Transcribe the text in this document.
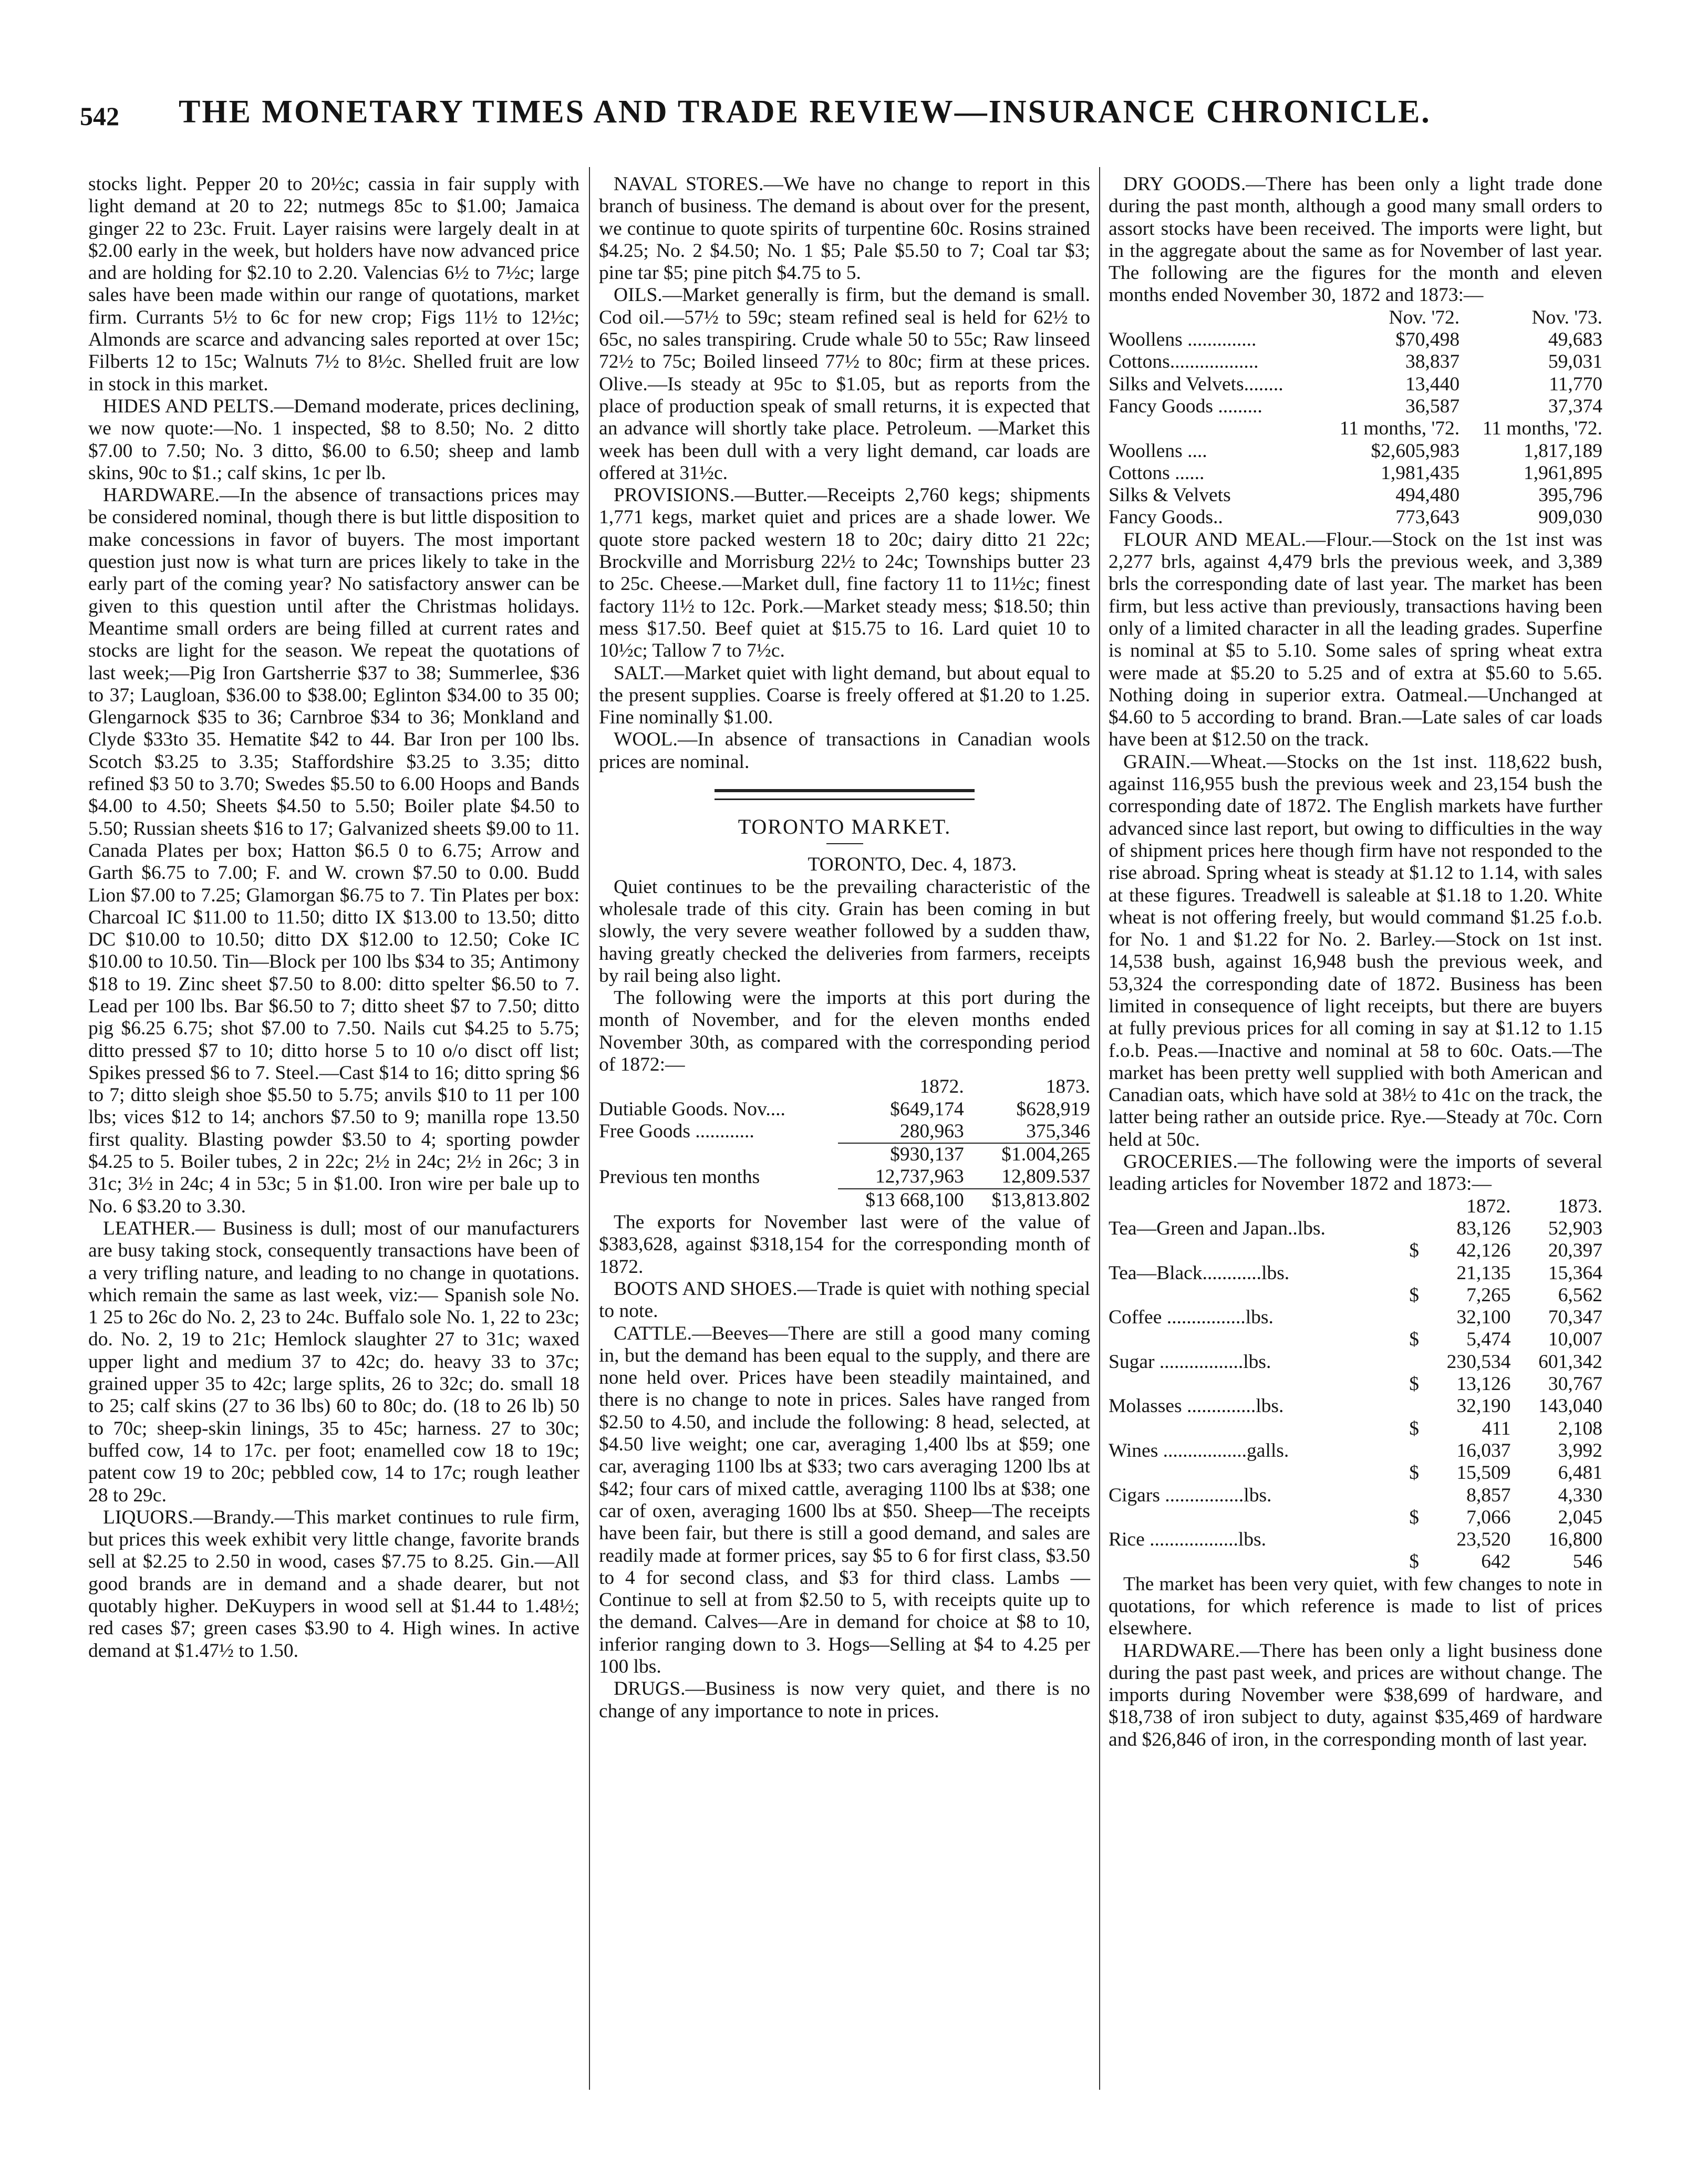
542 THE MONETARY TIMES AND TRADE REVIEW—INSURANCE CHRONICLE.

stocks light. Pepper 20 to 20½c; cassia in fair supply with light demand at 20 to 22; nutmegs 85c to $1.00; Jamaica ginger 22 to 23c. Fruit. Layer raisins were largely dealt in at $2.00 early in the week, but holders have now advanced price and are holding for $2.10 to 2.20. Valencias 6½ to 7½c; large sales have been made within our range of quotations, market firm. Currants 5½ to 6c for new crop; Figs 11½ to 12½c; Almonds are scarce and advancing sales reported at over 15c; Filberts 12 to 15c; Walnuts 7½ to 8½c. Shelled fruit are low in stock in this market.

HIDES AND PELTS.—Demand moderate, prices declining, we now quote:—No. 1 inspected, $8 to 8.50; No. 2 ditto $7.00 to 7.50; No. 3 ditto, $6.00 to 6.50; sheep and lamb skins, 90c to $1.; calf skins, 1c per lb.

HARDWARE.—In the absence of transactions prices may be considered nominal, though there is but little disposition to make concessions in favor of buyers. The most important question just now is what turn are prices likely to take in the early part of the coming year? No satisfactory answer can be given to this question until after the Christmas holidays. Meantime small orders are being filled at current rates and stocks are light for the season. We repeat the quotations of last week;—Pig Iron Gartsherrie $37 to 38; Summerlee, $36 to 37; Laugloan, $36.00 to $38.00; Eglinton $34.00 to 35 00; Glengarnock $35 to 36; Carnbroe $34 to 36; Monkland and Clyde $33to 35. Hematite $42 to 44. Bar Iron per 100 lbs. Scotch $3.25 to 3.35; Staffordshire $3.25 to 3.35; ditto refined $3 50 to 3.70; Swedes $5.50 to 6.00 Hoops and Bands $4.00 to 4.50; Sheets $4.50 to 5.50; Boiler plate $4.50 to 5.50; Russian sheets $16 to 17; Galvanized sheets $9.00 to 11. Canada Plates per box; Hatton $6.5 0 to 6.75; Arrow and Garth $6.75 to 7.00; F. and W. crown $7.50 to 0.00. Budd Lion $7.00 to 7.25; Glamorgan $6.75 to 7. Tin Plates per box: Charcoal IC $11.00 to 11.50; ditto IX $13.00 to 13.50; ditto DC $10.00 to 10.50; ditto DX $12.00 to 12.50; Coke IC $10.00 to 10.50. Tin—Block per 100 lbs $34 to 35; Antimony $18 to 19. Zinc sheet $7.50 to 8.00: ditto spelter $6.50 to 7. Lead per 100 lbs. Bar $6.50 to 7; ditto sheet $7 to 7.50; ditto pig $6.25 6.75; shot $7.00 to 7.50. Nails cut $4.25 to 5.75; ditto pressed $7 to 10; ditto horse 5 to 10 o/o disct off list; Spikes pressed $6 to 7. Steel.—Cast $14 to 16; ditto spring $6 to 7; ditto sleigh shoe $5.50 to 5.75; anvils $10 to 11 per 100 lbs; vices $12 to 14; anchors $7.50 to 9; manilla rope 13.50 first quality. Blasting powder $3.50 to 4; sporting powder $4.25 to 5. Boiler tubes, 2 in 22c; 2½ in 24c; 2½ in 26c; 3 in 31c; 3½ in 24c; 4 in 53c; 5 in $1.00. Iron wire per bale up to No. 6 $3.20 to 3.30.

LEATHER.— Business is dull; most of our manufacturers are busy taking stock, consequently transactions have been of a very trifling nature, and leading to no change in quotations. which remain the same as last week, viz:— Spanish sole No. 1 25 to 26c do No. 2, 23 to 24c. Buffalo sole No. 1, 22 to 23c; do. No. 2, 19 to 21c; Hemlock slaughter 27 to 31c; waxed upper light and medium 37 to 42c; do. heavy 33 to 37c; grained upper 35 to 42c; large splits, 26 to 32c; do. small 18 to 25; calf skins (27 to 36 lbs) 60 to 80c; do. (18 to 26 lb) 50 to 70c; sheep-skin linings, 35 to 45c; harness. 27 to 30c; buffed cow, 14 to 17c. per foot; enamelled cow 18 to 19c; patent cow 19 to 20c; pebbled cow, 14 to 17c; rough leather 28 to 29c.

LIQUORS.—Brandy.—This market continues to rule firm, but prices this week exhibit very little change, favorite brands sell at $2.25 to 2.50 in wood, cases $7.75 to 8.25. Gin.—All good brands are in demand and a shade dearer, but not quotably higher. DeKuypers in wood sell at $1.44 to 1.48½; red cases $7; green cases $3.90 to 4. High wines. In active demand at $1.47½ to 1.50.

NAVAL STORES.—We have no change to report in this branch of business. The demand is about over for the present, we continue to quote spirits of turpentine 60c. Rosins strained $4.25; No. 2 $4.50; No. 1 $5; Pale $5.50 to 7; Coal tar $3; pine tar $5; pine pitch $4.75 to 5.

OILS.—Market generally is firm, but the demand is small. Cod oil.—57½ to 59c; steam refined seal is held for 62½ to 65c, no sales transpiring. Crude whale 50 to 55c; Raw linseed 72½ to 75c; Boiled linseed 77½ to 80c; firm at these prices. Olive.—Is steady at 95c to $1.05, but as reports from the place of production speak of small returns, it is expected that an advance will shortly take place. Petroleum. —Market this week has been dull with a very light demand, car loads are offered at 31½c.

PROVISIONS.—Butter.—Receipts 2,760 kegs; shipments 1,771 kegs, market quiet and prices are a shade lower. We quote store packed western 18 to 20c; dairy ditto 21 22c; Brockville and Morrisburg 22½ to 24c; Townships butter 23 to 25c. Cheese.—Market dull, fine factory 11 to 11½c; finest factory 11½ to 12c. Pork.—Market steady mess; $18.50; thin mess $17.50. Beef quiet at $15.75 to 16. Lard quiet 10 to 10½c; Tallow 7 to 7½c.

SALT.—Market quiet with light demand, but about equal to the present supplies. Coarse is freely offered at $1.20 to 1.25. Fine nominally $1.00.

WOOL.—In absence of transactions in Canadian wools prices are nominal.

TORONTO MARKET.
TORONTO, Dec. 4, 1873.

Quiet continues to be the prevailing characteristic of the wholesale trade of this city. Grain has been coming in but slowly, the very severe weather followed by a sudden thaw, having greatly checked the deliveries from farmers, receipts by rail being also light.

The following were the imports at this port during the month of November, and for the eleven months ended November 30th, as compared with the corresponding period of 1872:—

	1872.	1873.
Dutiable Goods. Nov....	$649,174	$628,919
Free Goods ............	280,963	375,346
	$930,137	$1.004,265
Previous ten months	12,737,963	12,809.537
	$13 668,100	$13,813.802

The exports for November last were of the value of $383,628, against $318,154 for the corresponding month of 1872.

BOOTS AND SHOES.—Trade is quiet with nothing special to note.

CATTLE.—Beeves—There are still a good many coming in, but the demand has been equal to the supply, and there are none held over. Prices have been steadily maintained, and there is no change to note in prices. Sales have ranged from $2.50 to 4.50, and include the following: 8 head, selected, at $4.50 live weight; one car, averaging 1,400 lbs at $59; one car, averaging 1100 lbs at $33; two cars averaging 1200 lbs at $42; four cars of mixed cattle, averaging 1100 lbs at $38; one car of oxen, averaging 1600 lbs at $50. Sheep—The receipts have been fair, but there is still a good demand, and sales are readily made at former prices, say $5 to 6 for first class, $3.50 to 4 for second class, and $3 for third class. Lambs —Continue to sell at from $2.50 to 5, with receipts quite up to the demand. Calves—Are in demand for choice at $8 to 10, inferior ranging down to 3. Hogs—Selling at $4 to 4.25 per 100 lbs.

DRUGS.—Business is now very quiet, and there is no change of any importance to note in prices.

DRY GOODS.—There has been only a light trade done during the past month, although a good many small orders to assort stocks have been received. The imports were light, but in the aggregate about the same as for November of last year. The following are the figures for the month and eleven months ended November 30, 1872 and 1873:—

	Nov. '72.	Nov. '73.
Woollens ..............	$70,498	49,683
Cottons..................	38,837	59,031
Silks and Velvets........	13,440	11,770
Fancy Goods .........	36,587	37,374
	11 months, '72.	11 months, '72.
Woollens ....	$2,605,983	1,817,189
Cottons ......	1,981,435	1,961,895
Silks & Velvets	494,480	395,796
Fancy Goods..	773,643	909,030

FLOUR AND MEAL.—Flour.—Stock on the 1st inst was 2,277 brls, against 4,479 brls the previous week, and 3,389 brls the corresponding date of last year. The market has been firm, but less active than previously, transactions having been only of a limited character in all the leading grades. Superfine is nominal at $5 to 5.10. Some sales of spring wheat extra were made at $5.20 to 5.25 and of extra at $5.60 to 5.65. Nothing doing in superior extra. Oatmeal.—Unchanged at $4.60 to 5 according to brand. Bran.—Late sales of car loads have been at $12.50 on the track.

GRAIN.—Wheat.—Stocks on the 1st inst. 118,622 bush, against 116,955 bush the previous week and 23,154 bush the corresponding date of 1872. The English markets have further advanced since last report, but owing to difficulties in the way of shipment prices here though firm have not responded to the rise abroad. Spring wheat is steady at $1.12 to 1.14, with sales at these figures. Treadwell is saleable at $1.18 to 1.20. White wheat is not offering freely, but would command $1.25 f.o.b. for No. 1 and $1.22 for No. 2. Barley.—Stock on 1st inst. 14,538 bush, against 16,948 bush the previous week, and 53,324 the corresponding date of 1872. Business has been limited in consequence of light receipts, but there are buyers at fully previous prices for all coming in say at $1.12 to 1.15 f.o.b. Peas.—Inactive and nominal at 58 to 60c. Oats.—The market has been pretty well supplied with both American and Canadian oats, which have sold at 38½ to 41c on the track, the latter being rather an outside price. Rye.—Steady at 70c. Corn held at 50c.

GROCERIES.—The following were the imports of several leading articles for November 1872 and 1873:—

	1872.	1873.
Tea—Green and Japan..lbs.	83,126	52,903
$	42,126	20,397
Tea—Black............lbs.	21,135	15,364
$	7,265	6,562
Coffee ................lbs.	32,100	70,347
$	5,474	10,007
Sugar .................lbs.	230,534	601,342
$	13,126	30,767
Molasses ..............lbs.	32,190	143,040
$	411	2,108
Wines .................galls.	16,037	3,992
$	15,509	6,481
Cigars ................lbs.	8,857	4,330
$	7,066	2,045
Rice ..................lbs.	23,520	16,800
$	642	546

The market has been very quiet, with few changes to note in quotations, for which reference is made to list of prices elsewhere.

HARDWARE.—There has been only a light business done during the past past week, and prices are without change. The imports during November were $38,699 of hardware, and $18,738 of iron subject to duty, against $35,469 of hardware and $26,846 of iron, in the corresponding month of last year.
